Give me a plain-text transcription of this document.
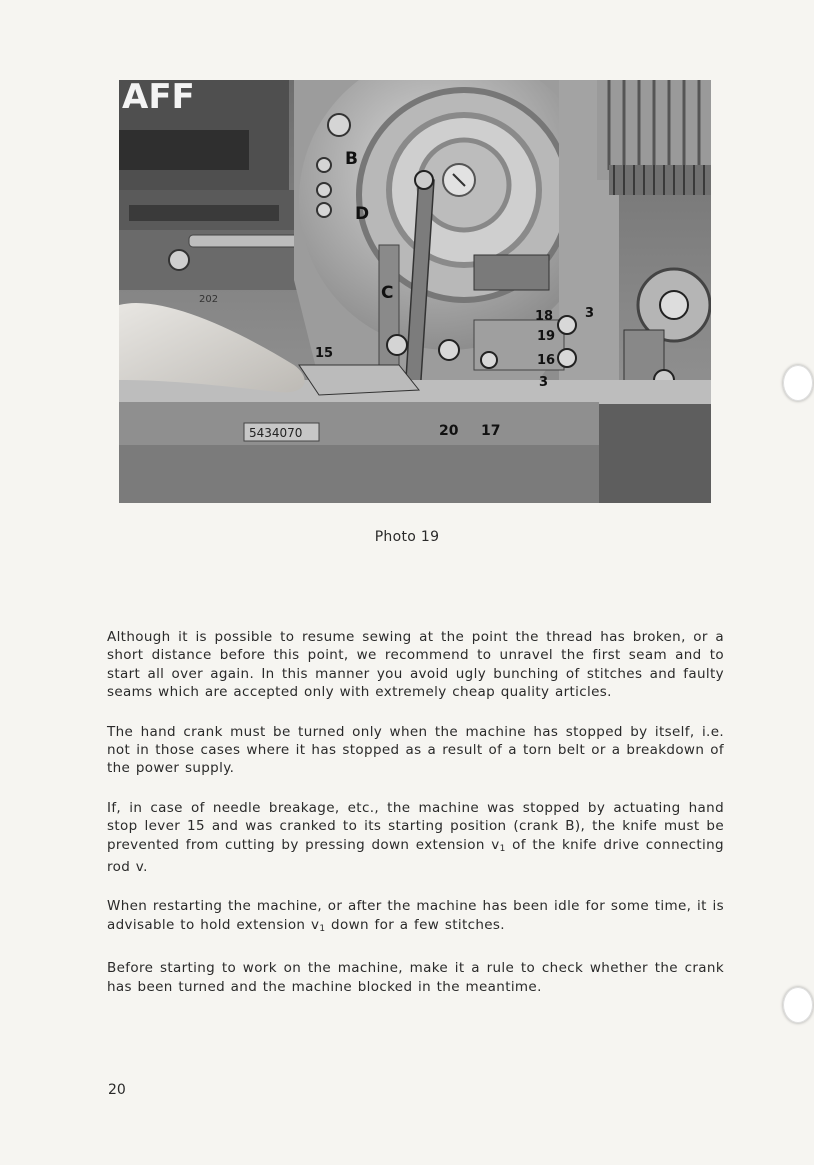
5434070
AFF
202
B
D
C
15
18
19
16
3
3
20 17
Photo 19

Although it is possible to resume sewing at the point the thread has broken, or a short distance before this point, we recommend to unravel the first seam and to start all over again. In this manner you avoid ugly bunching of stitches and faulty seams which are accepted only with extremely cheap quality articles.

The hand crank must be turned only when the machine has stopped by itself, i.e. not in those cases where it has stopped as a result of a torn belt or a breakdown of the power supply.

If, in case of needle breakage, etc., the machine was stopped by actuating hand stop lever 15 and was cranked to its starting position (crank B), the knife must be prevented from cutting by pressing down extension $v_1$ of the knife drive connecting rod v.

When restarting the machine, or after the machine has been idle for some time, it is advisable to hold extension $v_1$ down for a few stitches.

Before starting to work on the machine, make it a rule to check whether the crank has been turned and the machine blocked in the meantime.

20
